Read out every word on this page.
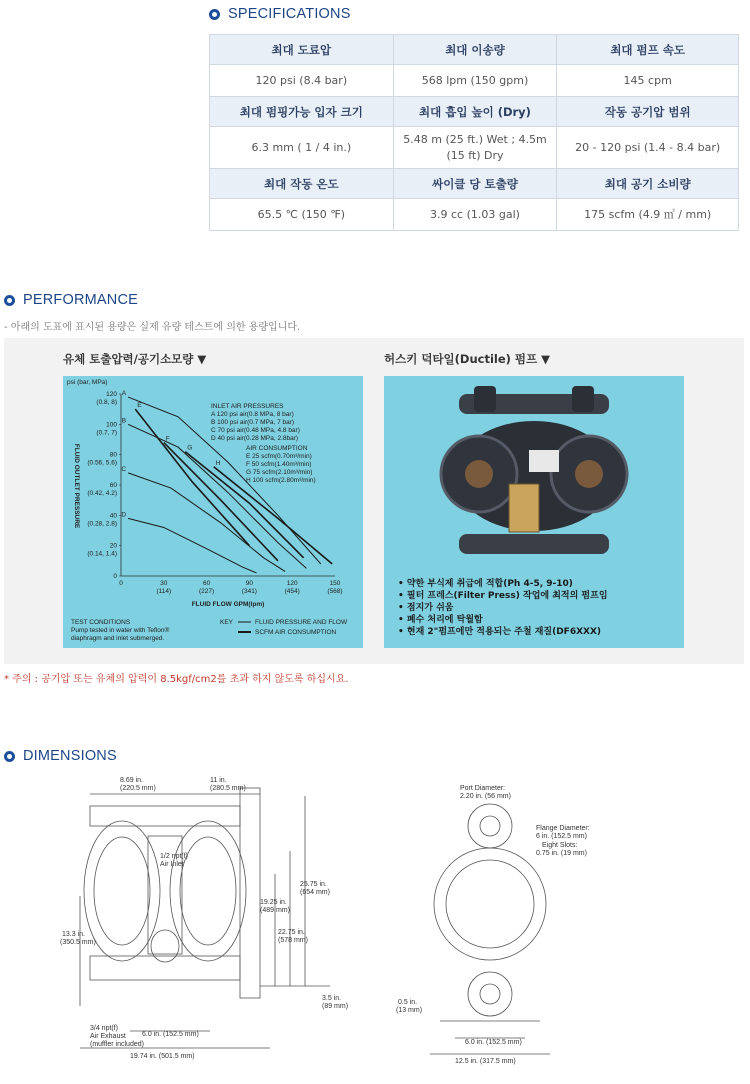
SPECIFICATIONS
최대 도료압	최대 이송량	최대 펌프 속도
120 psi (8.4 bar)	568 lpm (150 gpm)	145 cpm
최대 펌핑가능 입자 크기	최대 흡입 높이 (Dry)	작동 공기압 범위
6.3 mm ( 1 / 4 in.)	5.48 m (25 ft.) Wet ; 4.5m (15 ft) Dry	20 - 120 psi (1.4 - 8.4 bar)
최대 작동 온도	싸이클 당 토출량	최대 공기 소비량
65.5 ℃ (150 ℉)	3.9 cc (1.03 gal)	175 scfm (4.9 ㎥ / mm)
PERFORMANCE
- 아래의 도표에 표시된 용량은 실제 유량 테스트에 의한 용량입니다.
유체 토출압력/공기소모량 ▼	허스키 덕타일(Ductile) 펌프 ▼
120
(0.8, 8)
100
(0.7, 7)
80
(0.56, 5.6)
60
(0.42, 4.2)
40
(0.28, 2.8)
20
(0.14, 1.4)
0
0	30
(114)
60
(227)
90
(341)
120
(454)
150
(568)
FLUID FLOW GPM(lpm)
psi (bar, MPa)
FLUID OUTLET PRESSURE
A
B
C
D
E
F
G
H
INLET AIR PRESSURES
A 120 psi air(0.8 MPa, 8 bar)
B 100 psi air(0.7 MPa, 7 bar)
C 70 psi air(0.48 MPa, 4.8 bar)
D 40 psi air(0.28 MPa, 2.8bar)
AIR CONSUMPTION
E 25 scfm(0.70m³/min)
F 50 scfm(1.40m³/min)
G 75 scfm(2.10m³/min)
H 100 scfm(2.80m³/min)
TEST CONDITIONS
Pump tested in water with Teflon®
diaphragm and inlet submerged.
KEY	FLUID PRESSURE AND FLOW
SCFM AIR CONSUMPTION
• 약한 부식제 취급에 적합(Ph 4-5, 9-10)
• 필터 프레스(Filter Press) 작업에 최적의 펌프임
• 점지가 쉬움
• 폐수 처리에 탁월함
• 현재 2"펌프에만 적용되는 주철 재질(DF6XXX)
* 주의 : 공기압 또는 유체의 압력이 8.5kgf/cm2를 초과 하지 않도록 하십시요.
DIMENSIONS
8.69 in.
(220.5 mm)
11 in.
(280.5 mm)
1/2 npt(f)
Air Inlet
19.25 in.
(489 mm)
22.75 in.
(578 mm)
25.75 in.
(654 mm)
13.3 in.
(350.5 mm)
3.5 in.
(89 mm)
3/4 npt(f)
Air Exhaust
(muffler included)
6.0 in. (152.5 mm)
19.74 in. (501.5 mm)
Port Diameter:
2.20 in. (56 mm)
Flange Diameter:
6 in. (152.5 mm)
Eight Slots:
0.75 in. (19 mm)
0.5 in.
(13 mm)
6.0 in. (152.5 mm)
12.5 in. (317.5 mm)
